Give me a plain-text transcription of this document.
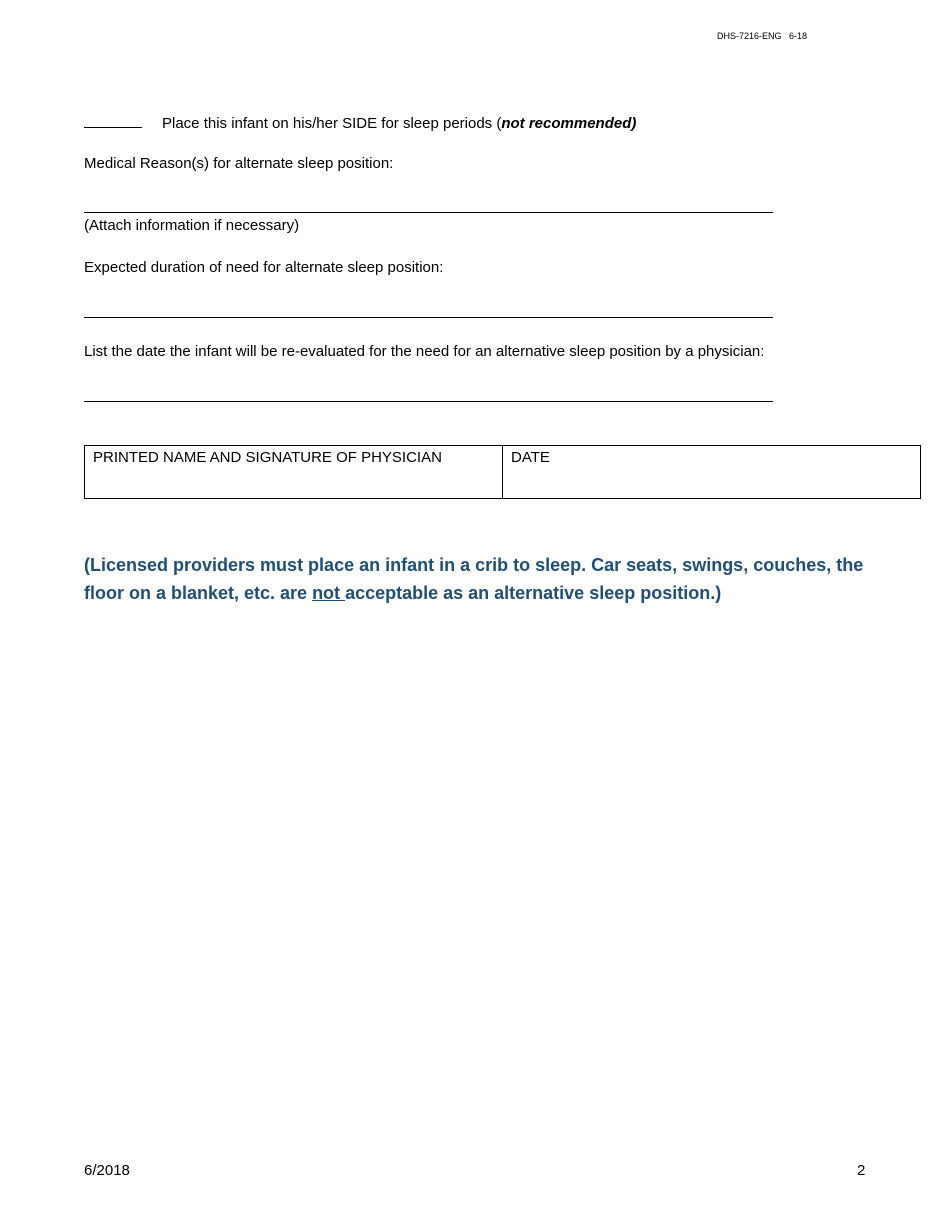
DHS-7216-ENG   6-18
Place this infant on his/her SIDE for sleep periods (not recommended)
Medical Reason(s) for alternate sleep position:
(Attach information if necessary)
Expected duration of need for alternate sleep position:
List the date the infant will be re-evaluated for the need for an alternative sleep position by a physician:
PRINTED NAME AND SIGNATURE OF PHYSICIAN	DATE
(Licensed providers must place an infant in a crib to sleep. Car seats, swings, couches, the floor on a blanket, etc. are not acceptable as an alternative sleep position.)
6/2018	2
